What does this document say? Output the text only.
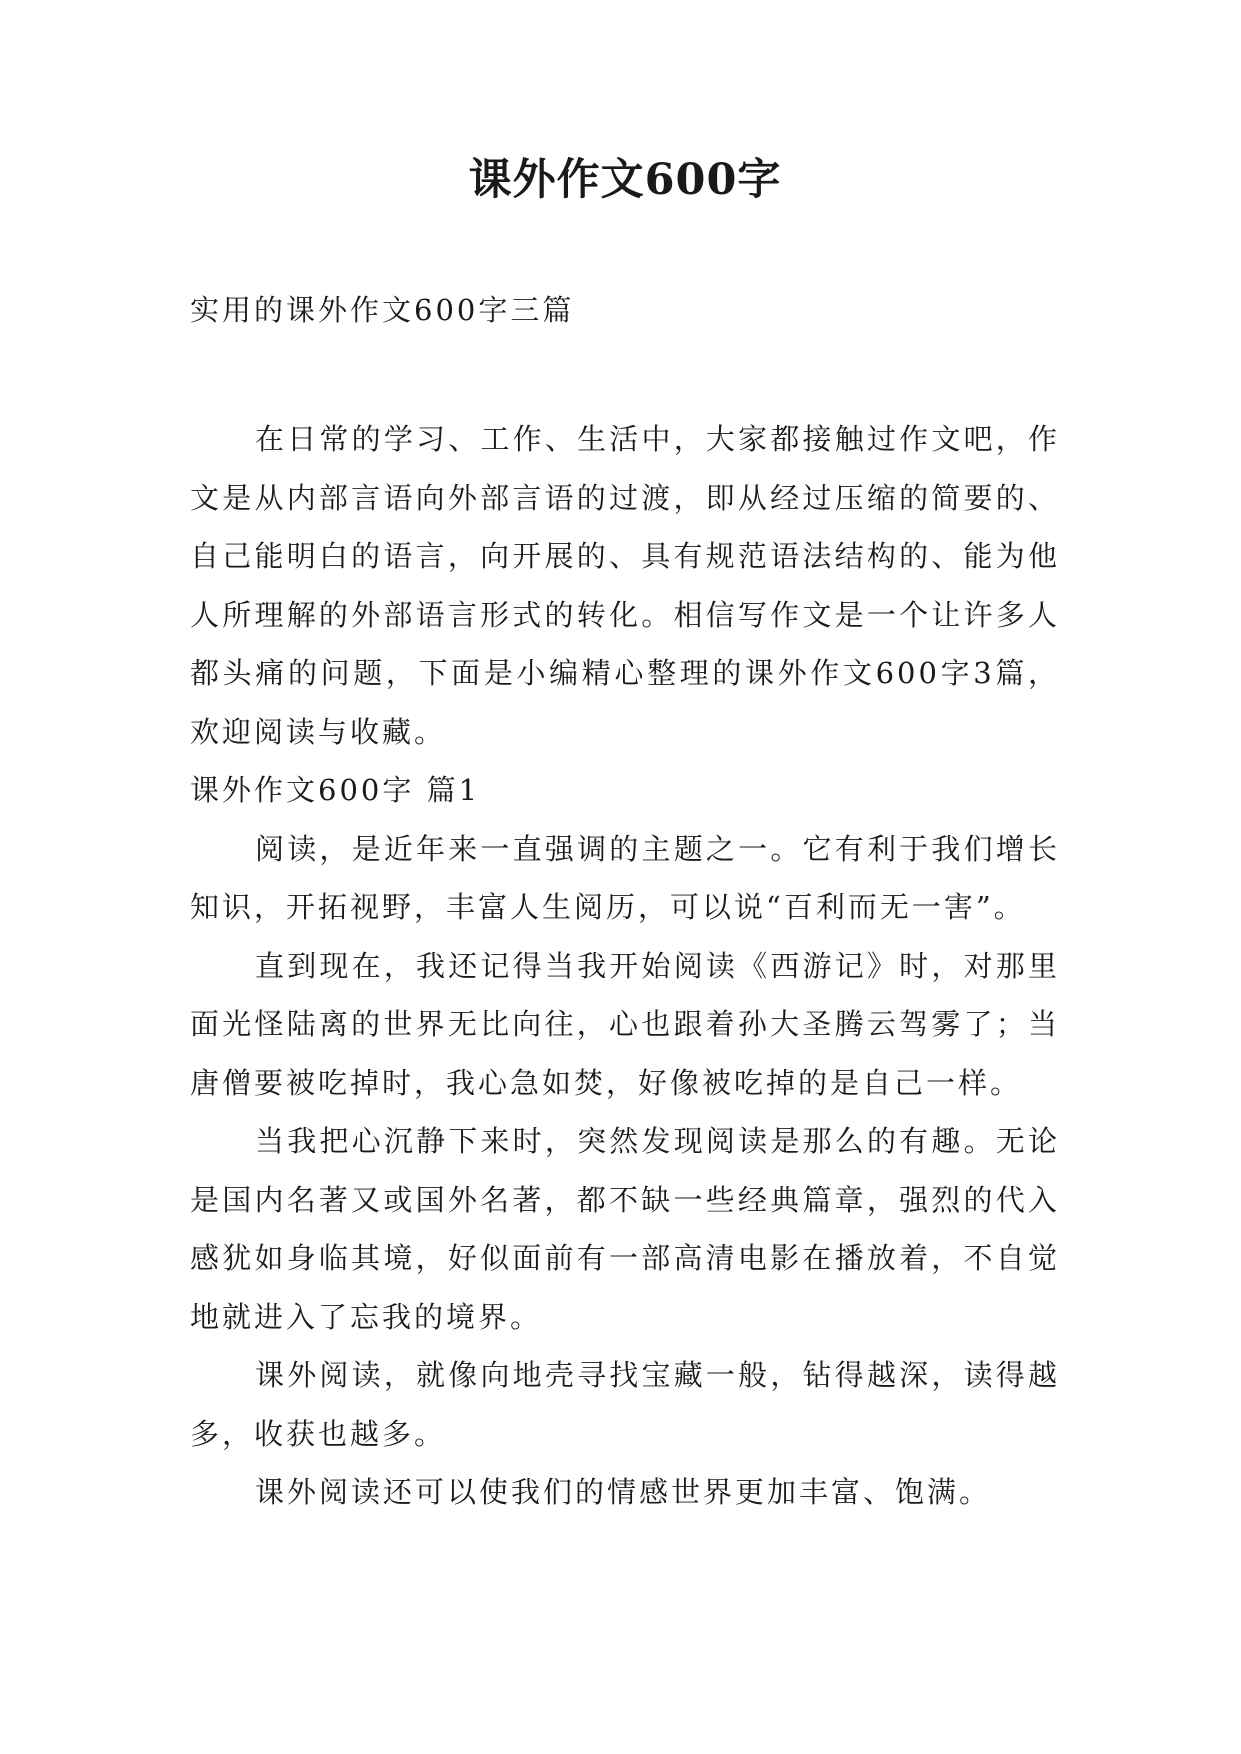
课外作文600字
实用的课外作文600字三篇

在日常的学习、工作、生活中，大家都接触过作文吧，作文是从内部言语向外部言语的过渡，即从经过压缩的简要的、自己能明白的语言，向开展的、具有规范语法结构的、能为他人所理解的外部语言形式的转化。相信写作文是一个让许多人都头痛的问题，下面是小编精心整理的课外作文600字3篇，欢迎阅读与收藏。

课外作文600字 篇1

阅读，是近年来一直强调的主题之一。它有利于我们增长知识，开拓视野，丰富人生阅历，可以说“百利而无一害”。

直到现在，我还记得当我开始阅读《西游记》时，对那里面光怪陆离的世界无比向往，心也跟着孙大圣腾云驾雾了；当唐僧要被吃掉时，我心急如焚，好像被吃掉的是自己一样。

当我把心沉静下来时，突然发现阅读是那么的有趣。无论是国内名著又或国外名著，都不缺一些经典篇章，强烈的代入感犹如身临其境，好似面前有一部高清电影在播放着，不自觉地就进入了忘我的境界。

课外阅读，就像向地壳寻找宝藏一般，钻得越深，读得越多，收获也越多。

课外阅读还可以使我们的情感世界更加丰富、饱满。
